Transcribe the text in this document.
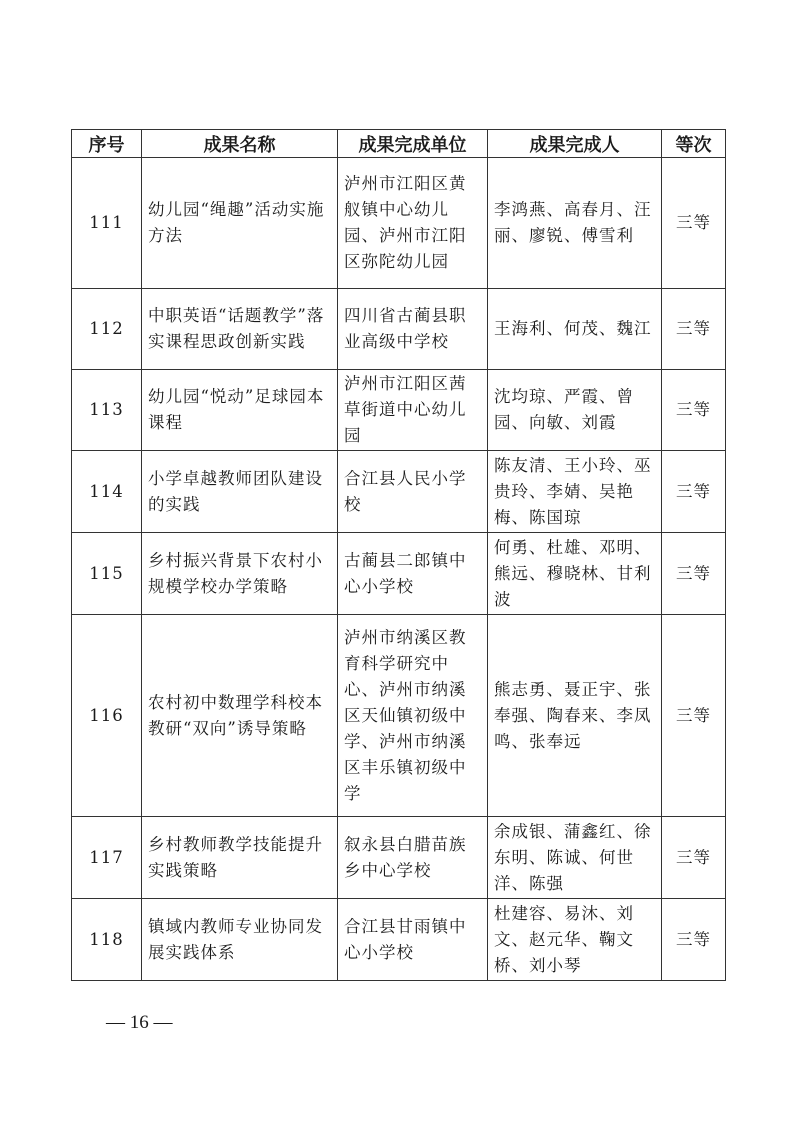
序号	成果名称	成果完成单位	成果完成人	等次
111	幼儿园“绳趣”活动实施方法	泸州市江阳区黄舣镇中心幼儿园、泸州市江阳区弥陀幼儿园	李鸿燕、高春月、汪丽、廖锐、傅雪利	三等
112	中职英语“话题教学”落实课程思政创新实践	四川省古蔺县职业高级中学校	王海利、何茂、魏江	三等
113	幼儿园“悦动”足球园本课程	泸州市江阳区茜草街道中心幼儿园	沈均琼、严霞、曾园、向敏、刘霞	三等
114	小学卓越教师团队建设的实践	合江县人民小学校	陈友清、王小玲、巫贵玲、李婧、吴艳梅、陈国琼	三等
115	乡村振兴背景下农村小规模学校办学策略	古蔺县二郎镇中心小学校	何勇、杜雄、邓明、熊远、穆晓林、甘利波	三等
116	农村初中数理学科校本教研“双向”诱导策略	泸州市纳溪区教育科学研究中心、泸州市纳溪区天仙镇初级中学、泸州市纳溪区丰乐镇初级中学	熊志勇、聂正宇、张奉强、陶春来、李凤鸣、张奉远	三等
117	乡村教师教学技能提升实践策略	叙永县白腊苗族乡中心学校	余成银、蒲鑫红、徐东明、陈诚、何世洋、陈强	三等
118	镇域内教师专业协同发展实践体系	合江县甘雨镇中心小学校	杜建容、易沐、刘文、赵元华、鞠文桥、刘小琴	三等
— 16 —
